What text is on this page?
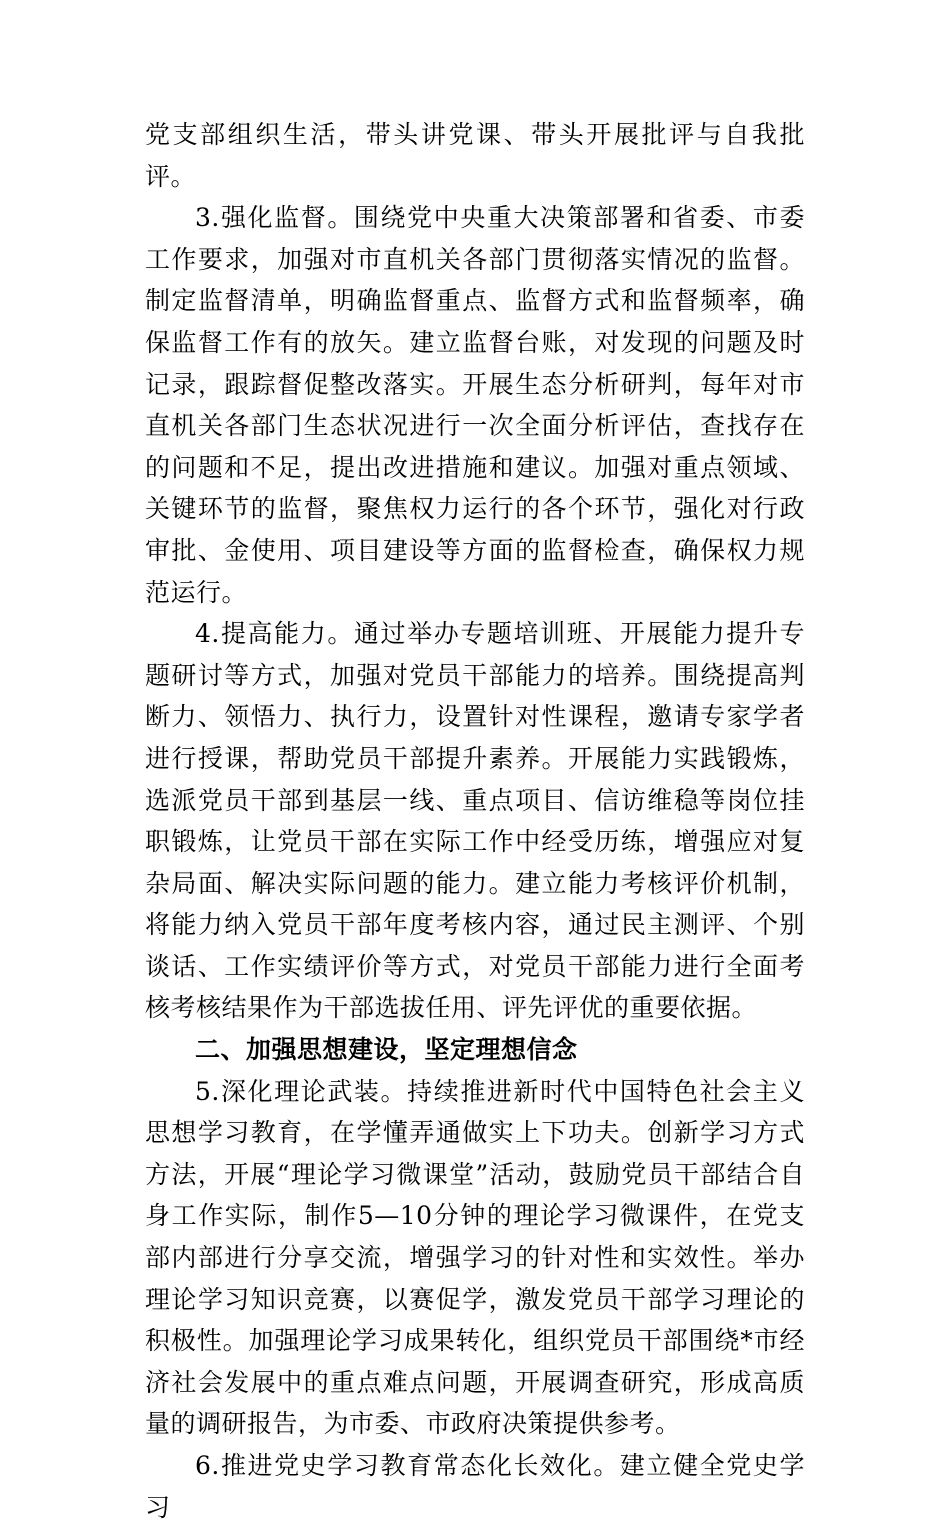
党支部组织生活，带头讲党课、带头开展批评与自我批评。

3.强化监督。围绕党中央重大决策部署和省委、市委工作要求，加强对市直机关各部门贯彻落实情况的监督。制定监督清单，明确监督重点、监督方式和监督频率，确保监督工作有的放矢。建立监督台账，对发现的问题及时记录，跟踪督促整改落实。开展生态分析研判，每年对市直机关各部门生态状况进行一次全面分析评估，查找存在的问题和不足，提出改进措施和建议。加强对重点领域、关键环节的监督，聚焦权力运行的各个环节，强化对行政审批、金使用、项目建设等方面的监督检查，确保权力规范运行。

4.提高能力。通过举办专题培训班、开展能力提升专题研讨等方式，加强对党员干部能力的培养。围绕提高判断力、领悟力、执行力，设置针对性课程，邀请专家学者进行授课，帮助党员干部提升素养。开展能力实践锻炼，选派党员干部到基层一线、重点项目、信访维稳等岗位挂职锻炼，让党员干部在实际工作中经受历练，增强应对复杂局面、解决实际问题的能力。建立能力考核评价机制，将能力纳入党员干部年度考核内容，通过民主测评、个别谈话、工作实绩评价等方式，对党员干部能力进行全面考核考核结果作为干部选拔任用、评先评优的重要依据。

二、加强思想建设，坚定理想信念

5.深化理论武装。持续推进新时代中国特色社会主义思想学习教育，在学懂弄通做实上下功夫。创新学习方式方法，开展“理论学习微课堂”活动，鼓励党员干部结合自身工作实际，制作5—10分钟的理论学习微课件，在党支部内部进行分享交流，增强学习的针对性和实效性。举办理论学习知识竞赛，以赛促学，激发党员干部学习理论的积极性。加强理论学习成果转化，组织党员干部围绕*市经济社会发展中的重点难点问题，开展调查研究，形成高质量的调研报告，为市委、市政府决策提供参考。

6.推进党史学习教育常态化长效化。建立健全党史学习
